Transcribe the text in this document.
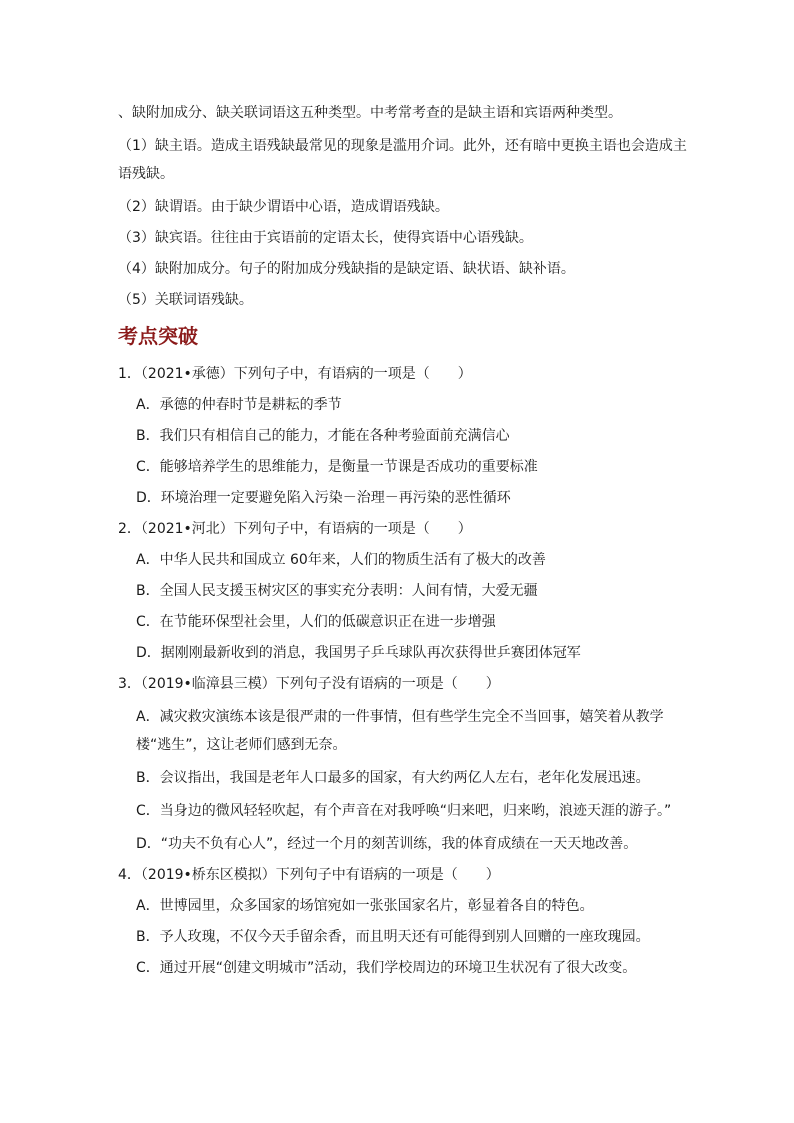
、缺附加成分、缺关联词语这五种类型。中考常考查的是缺主语和宾语两种类型。
（1）缺主语。造成主语残缺最常见的现象是滥用介词。此外，还有暗中更换主语也会造成主语残缺。
（2）缺谓语。由于缺少谓语中心语，造成谓语残缺。
（3）缺宾语。往往由于宾语前的定语太长，使得宾语中心语残缺。
（4）缺附加成分。句子的附加成分残缺指的是缺定语、缺状语、缺补语。
（5）关联词语残缺。
考点突破
1．（2021•承德）下列句子中，有语病的一项是（　　）
A．承德的仲春时节是耕耘的季节
B．我们只有相信自己的能力，才能在各种考验面前充满信心
C．能够培养学生的思维能力，是衡量一节课是否成功的重要标准
D．环境治理一定要避免陷入污染－治理－再污染的恶性循环
2．（2021•河北）下列句子中，有语病的一项是（　　）
A．中华人民共和国成立 60年来，人们的物质生活有了极大的改善
B．全国人民支援玉树灾区的事实充分表明：人间有情，大爱无疆
C．在节能环保型社会里，人们的低碳意识正在进一步增强
D．据刚刚最新收到的消息，我国男子乒乓球队再次获得世乒赛团体冠军
3．（2019•临漳县三模）下列句子没有语病的一项是（　　）
A．减灾救灾演练本该是很严肃的一件事情，但有些学生完全不当回事，嬉笑着从教学楼“逃生”，这让老师们感到无奈。
B．会议指出，我国是老年人口最多的国家，有大约两亿人左右，老年化发展迅速。
C．当身边的微风轻轻吹起，有个声音在对我呼唤“归来吧，归来哟，浪迹天涯的游子。”
D．“功夫不负有心人”，经过一个月的刻苦训练，我的体育成绩在一天天地改善。
4．（2019•桥东区模拟）下列句子中有语病的一项是（　　）
A．世博园里，众多国家的场馆宛如一张张国家名片，彰显着各自的特色。
B．予人玫瑰，不仅今天手留余香，而且明天还有可能得到别人回赠的一座玫瑰园。
C．通过开展“创建文明城市”活动，我们学校周边的环境卫生状况有了很大改变。
